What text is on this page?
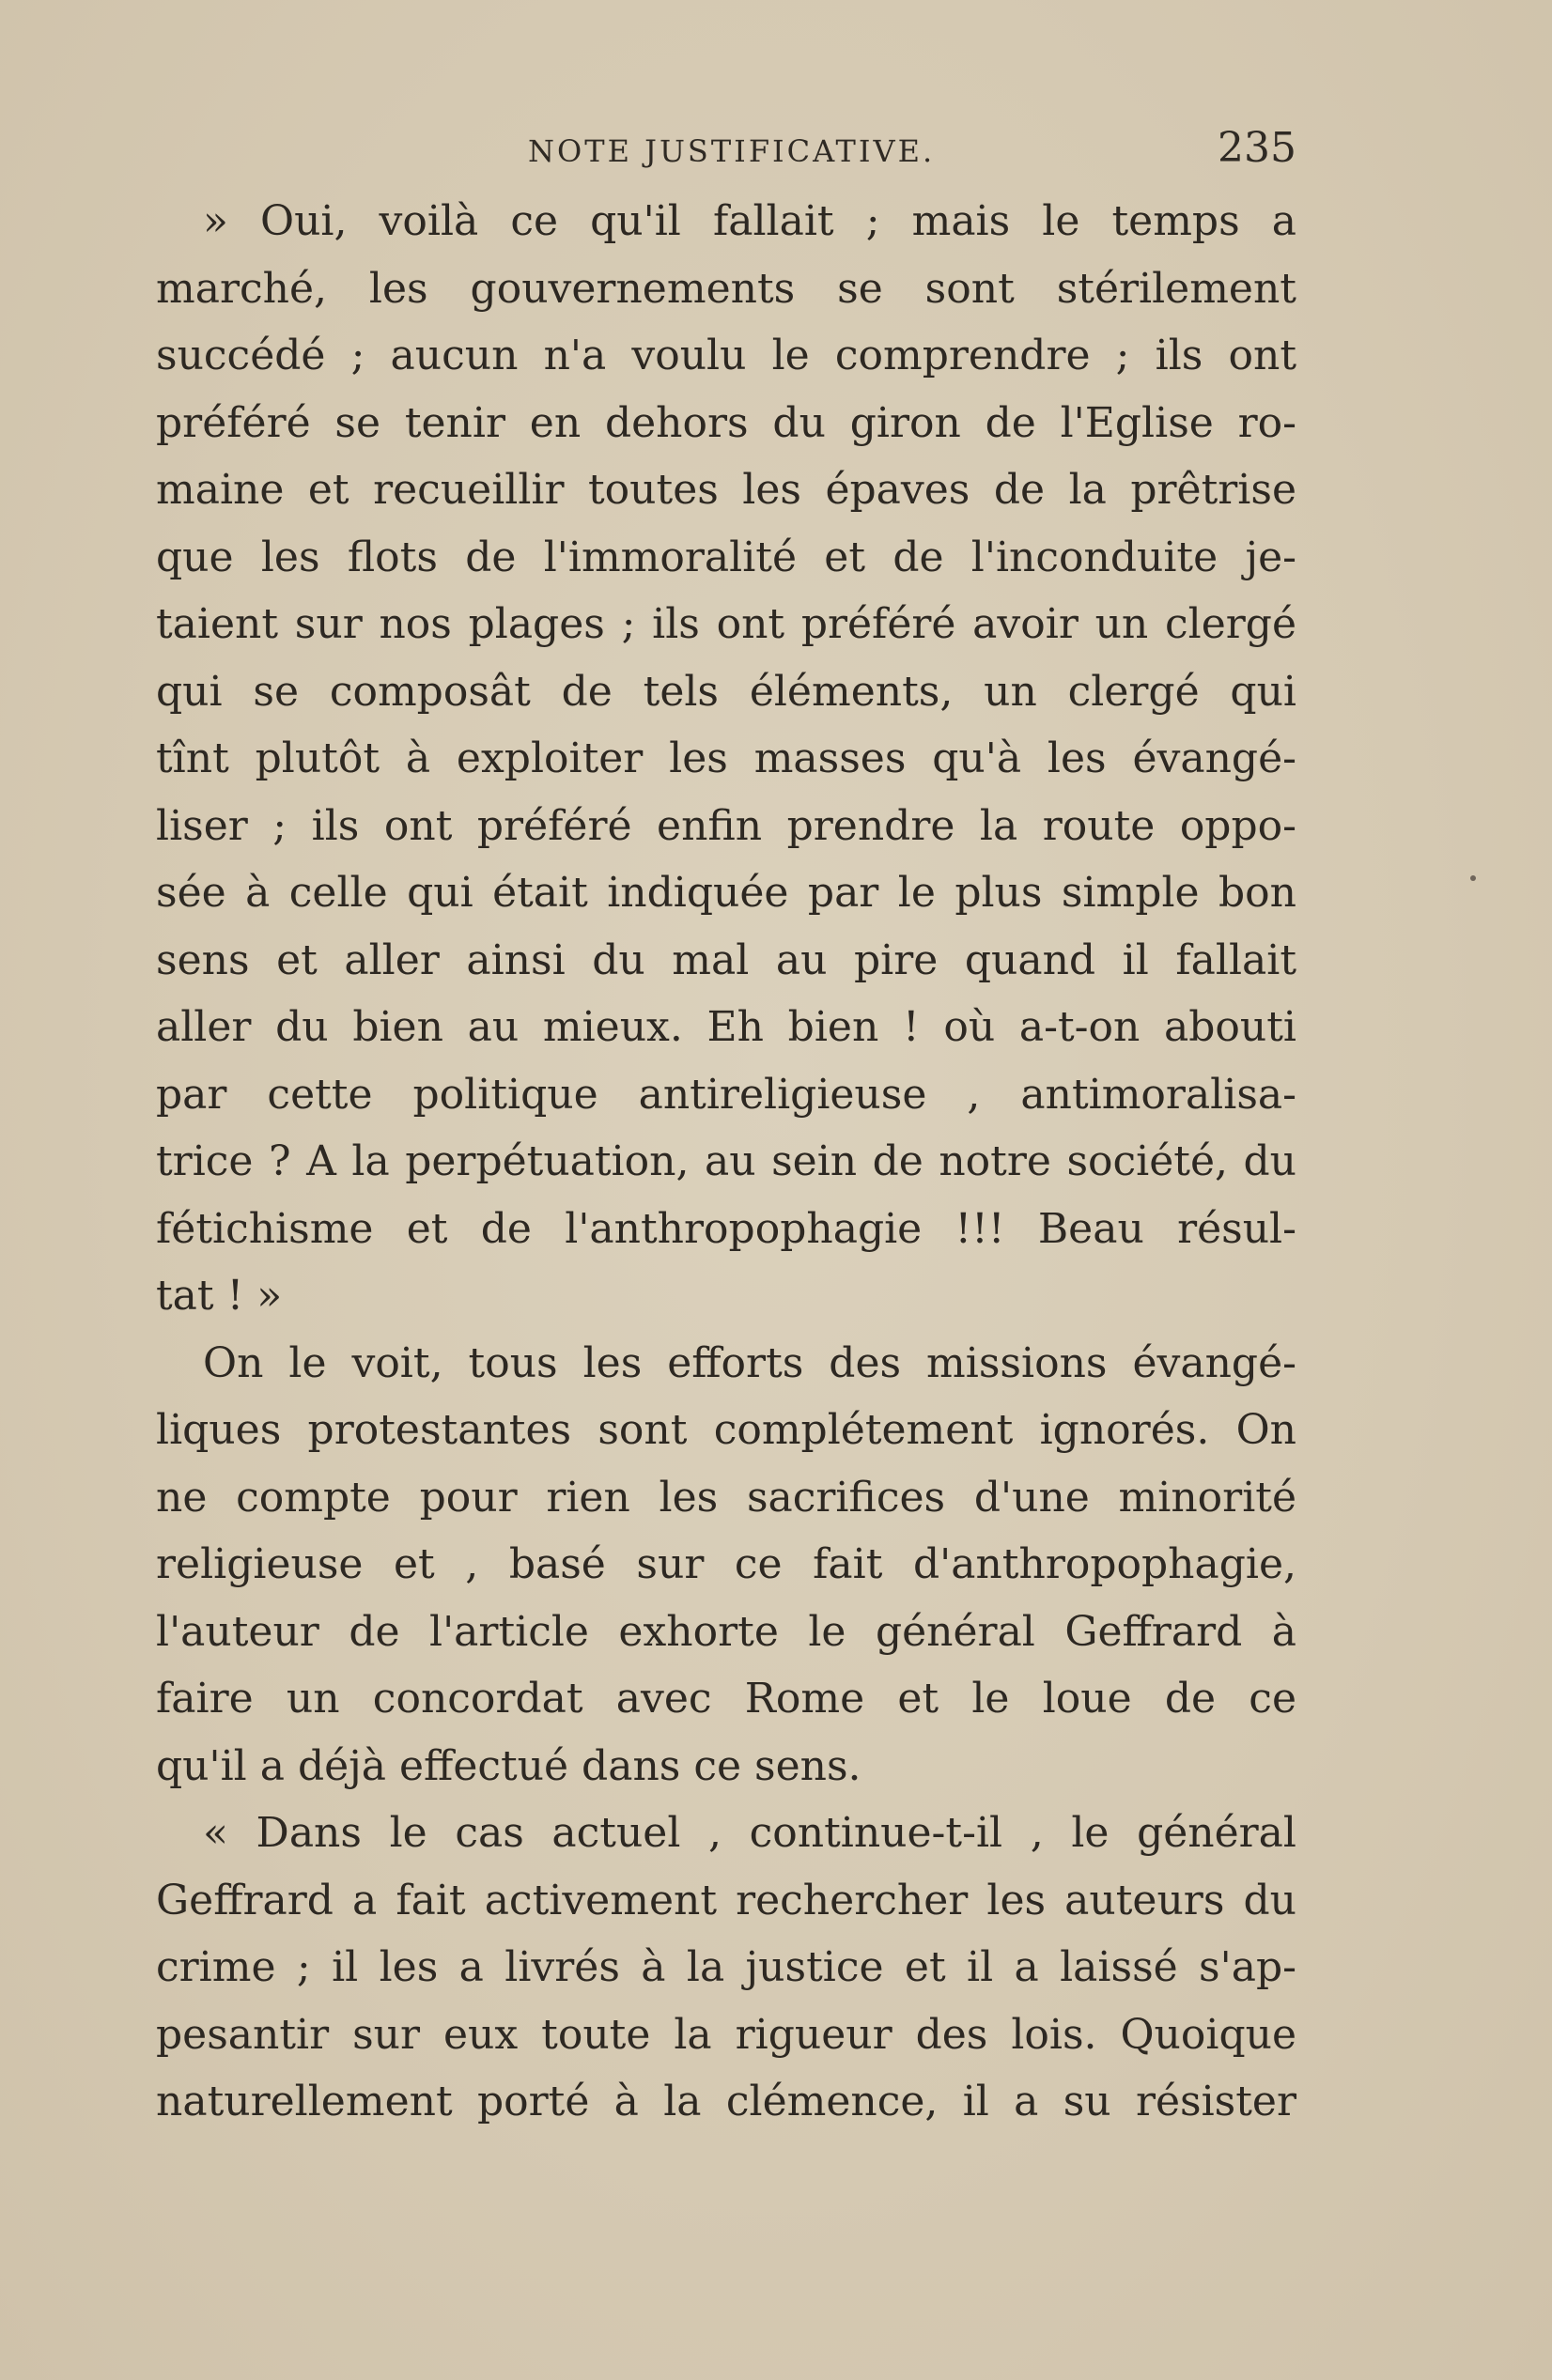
NOTE JUSTIFICATIVE.	235
» Oui, voilà ce qu'il fallait ; mais le temps a
marché, les gouvernements se sont stérilement
succédé ; aucun n'a voulu le comprendre ; ils ont
préféré se tenir en dehors du giron de l'Eglise ro-
maine et recueillir toutes les épaves de la prêtrise
que les flots de l'immoralité et de l'inconduite je-
taient sur nos plages ; ils ont préféré avoir un clergé
qui se composât de tels éléments, un clergé qui
tînt plutôt à exploiter les masses qu'à les évangé-
liser ; ils ont préféré enfin prendre la route oppo-
sée à celle qui était indiquée par le plus simple bon
sens et aller ainsi du mal au pire quand il fallait
aller du bien au mieux. Eh bien ! où a-t-on abouti
par cette politique antireligieuse , antimoralisa-
trice ? A la perpétuation, au sein de notre société, du
fétichisme et de l'anthropophagie !!! Beau résul-
tat ! »
On le voit, tous les efforts des missions évangé-
liques protestantes sont complétement ignorés. On
ne compte pour rien les sacrifices d'une minorité
religieuse et , basé sur ce fait d'anthropophagie,
l'auteur de l'article exhorte le général Geffrard à
faire un concordat avec Rome et le loue de ce
qu'il a déjà effectué dans ce sens.
« Dans le cas actuel , continue-t-il , le général
Geffrard a fait activement rechercher les auteurs du
crime ; il les a livrés à la justice et il a laissé s'ap-
pesantir sur eux toute la rigueur des lois. Quoique
naturellement porté à la clémence, il a su résister
